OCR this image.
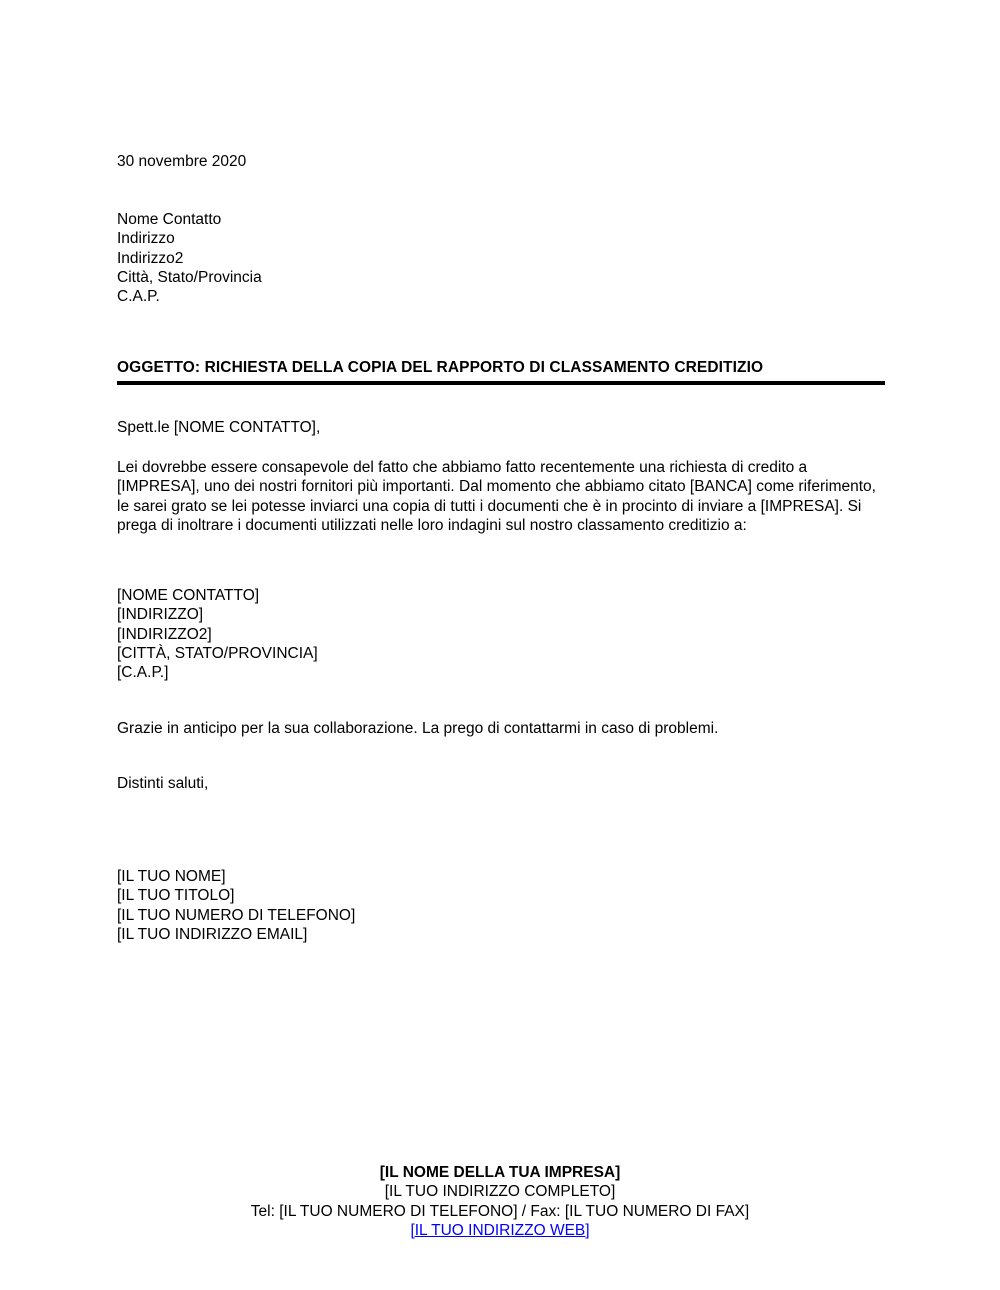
30 novembre 2020
Nome Contatto
Indirizzo
Indirizzo2
Città, Stato/Provincia
C.A.P.
OGGETTO: RICHIESTA DELLA COPIA DEL RAPPORTO DI CLASSAMENTO CREDITIZIO
Spett.le [NOME CONTATTO],
Lei dovrebbe essere consapevole del fatto che abbiamo fatto recentemente una richiesta di credito a [IMPRESA], uno dei nostri fornitori più importanti. Dal momento che abbiamo citato [BANCA] come riferimento, le sarei grato se lei potesse inviarci una copia di tutti i documenti che è in procinto di inviare a [IMPRESA]. Si prega di inoltrare i documenti utilizzati nelle loro indagini sul nostro classamento creditizio a:
[NOME CONTATTO]
[INDIRIZZO]
[INDIRIZZO2]
[CITTÀ, STATO/PROVINCIA]
[C.A.P.]
Grazie in anticipo per la sua collaborazione. La prego di contattarmi in caso di problemi.
Distinti saluti,
[IL TUO NOME]
[IL TUO TITOLO]
[IL TUO NUMERO DI TELEFONO]
[IL TUO INDIRIZZO EMAIL]
[IL NOME DELLA TUA IMPRESA]
[IL TUO INDIRIZZO COMPLETO]
Tel: [IL TUO NUMERO DI TELEFONO] / Fax: [IL TUO NUMERO DI FAX]
[IL TUO INDIRIZZO WEB]
